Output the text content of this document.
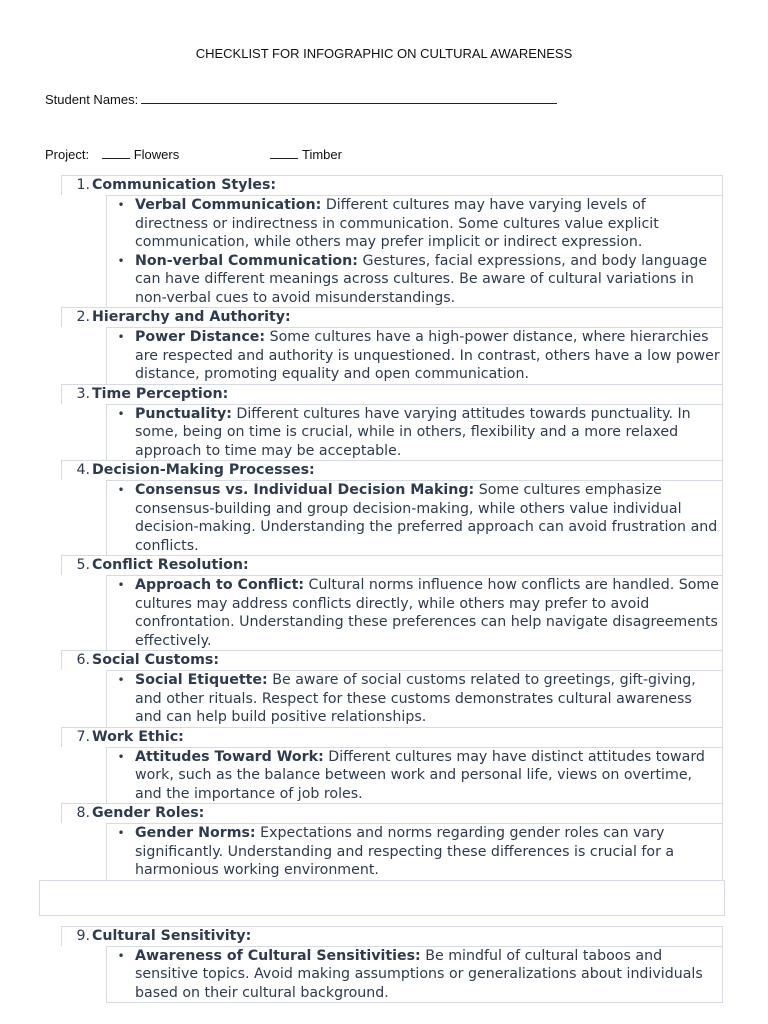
CHECKLIST FOR INFOGRAPHIC ON CULTURAL AWARENESS
Student Names:
Project:	Flowers	Timber
1. Communication Styles:
• Verbal Communication: Different cultures may have varying levels of directness or indirectness in communication. Some cultures value explicit communication, while others may prefer implicit or indirect expression.
• Non-verbal Communication: Gestures, facial expressions, and body language can have different meanings across cultures. Be aware of cultural variations in non-verbal cues to avoid misunderstandings.
2. Hierarchy and Authority:
• Power Distance: Some cultures have a high-power distance, where hierarchies are respected and authority is unquestioned. In contrast, others have a low power distance, promoting equality and open communication.
3. Time Perception:
• Punctuality: Different cultures have varying attitudes towards punctuality. In some, being on time is crucial, while in others, flexibility and a more relaxed approach to time may be acceptable.
4. Decision-Making Processes:
• Consensus vs. Individual Decision Making: Some cultures emphasize consensus-building and group decision-making, while others value individual decision-making. Understanding the preferred approach can avoid frustration and conflicts.
5. Conflict Resolution:
• Approach to Conflict: Cultural norms influence how conflicts are handled. Some cultures may address conflicts directly, while others may prefer to avoid confrontation. Understanding these preferences can help navigate disagreements effectively.
6. Social Customs:
• Social Etiquette: Be aware of social customs related to greetings, gift-giving, and other rituals. Respect for these customs demonstrates cultural awareness and can help build positive relationships.
7. Work Ethic:
• Attitudes Toward Work: Different cultures may have distinct attitudes toward work, such as the balance between work and personal life, views on overtime, and the importance of job roles.
8. Gender Roles:
• Gender Norms: Expectations and norms regarding gender roles can vary significantly. Understanding and respecting these differences is crucial for a harmonious working environment.
9. Cultural Sensitivity:
• Awareness of Cultural Sensitivities: Be mindful of cultural taboos and sensitive topics. Avoid making assumptions or generalizations about individuals based on their cultural background.
